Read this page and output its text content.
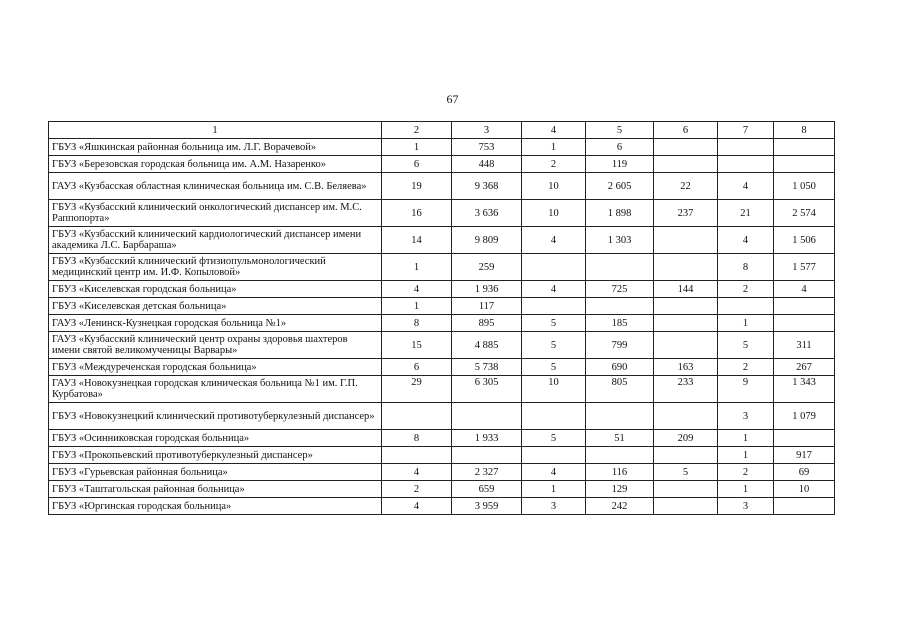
67
1	2	3	4	5	6	7	8
ГБУЗ «Яшкинская районная больница им. Л.Г. Ворачевой»	1	753	1	6			
ГБУЗ «Березовская городская больница им. А.М. Назаренко»	6	448	2	119			
ГАУЗ «Кузбасская областная клиническая больница им. С.В. Беляева»	19	9 368	10	2 605	22	4	1 050
ГБУЗ «Кузбасский клинический онкологический диспансер им. М.С. Раппопорта»	16	3 636	10	1 898	237	21	2 574
ГБУЗ «Кузбасский клинический кардиологический диспансер имени академика Л.С. Барбараша»	14	9 809	4	1 303		4	1 506
ГБУЗ «Кузбасский клинический фтизиопульмонологический медицинский центр им. И.Ф. Копыловой»	1	259				8	1 577
ГБУЗ «Киселевская городская больница»	4	1 936	4	725	144	2	4
ГБУЗ «Киселевская детская больница»	1	117					
ГАУЗ «Ленинск-Кузнецкая городская больница №1»	8	895	5	185		1	
ГАУЗ «Кузбасский клинический центр охраны здоровья шахтеров имени святой великомученицы Варвары»	15	4 885	5	799		5	311
ГБУЗ «Междуреченская городская больница»	6	5 738	5	690	163	2	267
ГАУЗ «Новокузнецкая городская клиническая больница №1 им. Г.П. Курбатова»	29	6 305	10	805	233	9	1 343
ГБУЗ «Новокузнецкий клинический противотуберкулезный диспансер»						3	1 079
ГБУЗ «Осинниковская городская больница»	8	1 933	5	51	209	1	
ГБУЗ «Прокопьевский противотуберкулезный диспансер»						1	917
ГБУЗ «Гурьевская районная больница»	4	2 327	4	116	5	2	69
ГБУЗ «Таштагольская районная больница»	2	659	1	129		1	10
ГБУЗ «Юргинская городская больница»	4	3 959	3	242		3	
